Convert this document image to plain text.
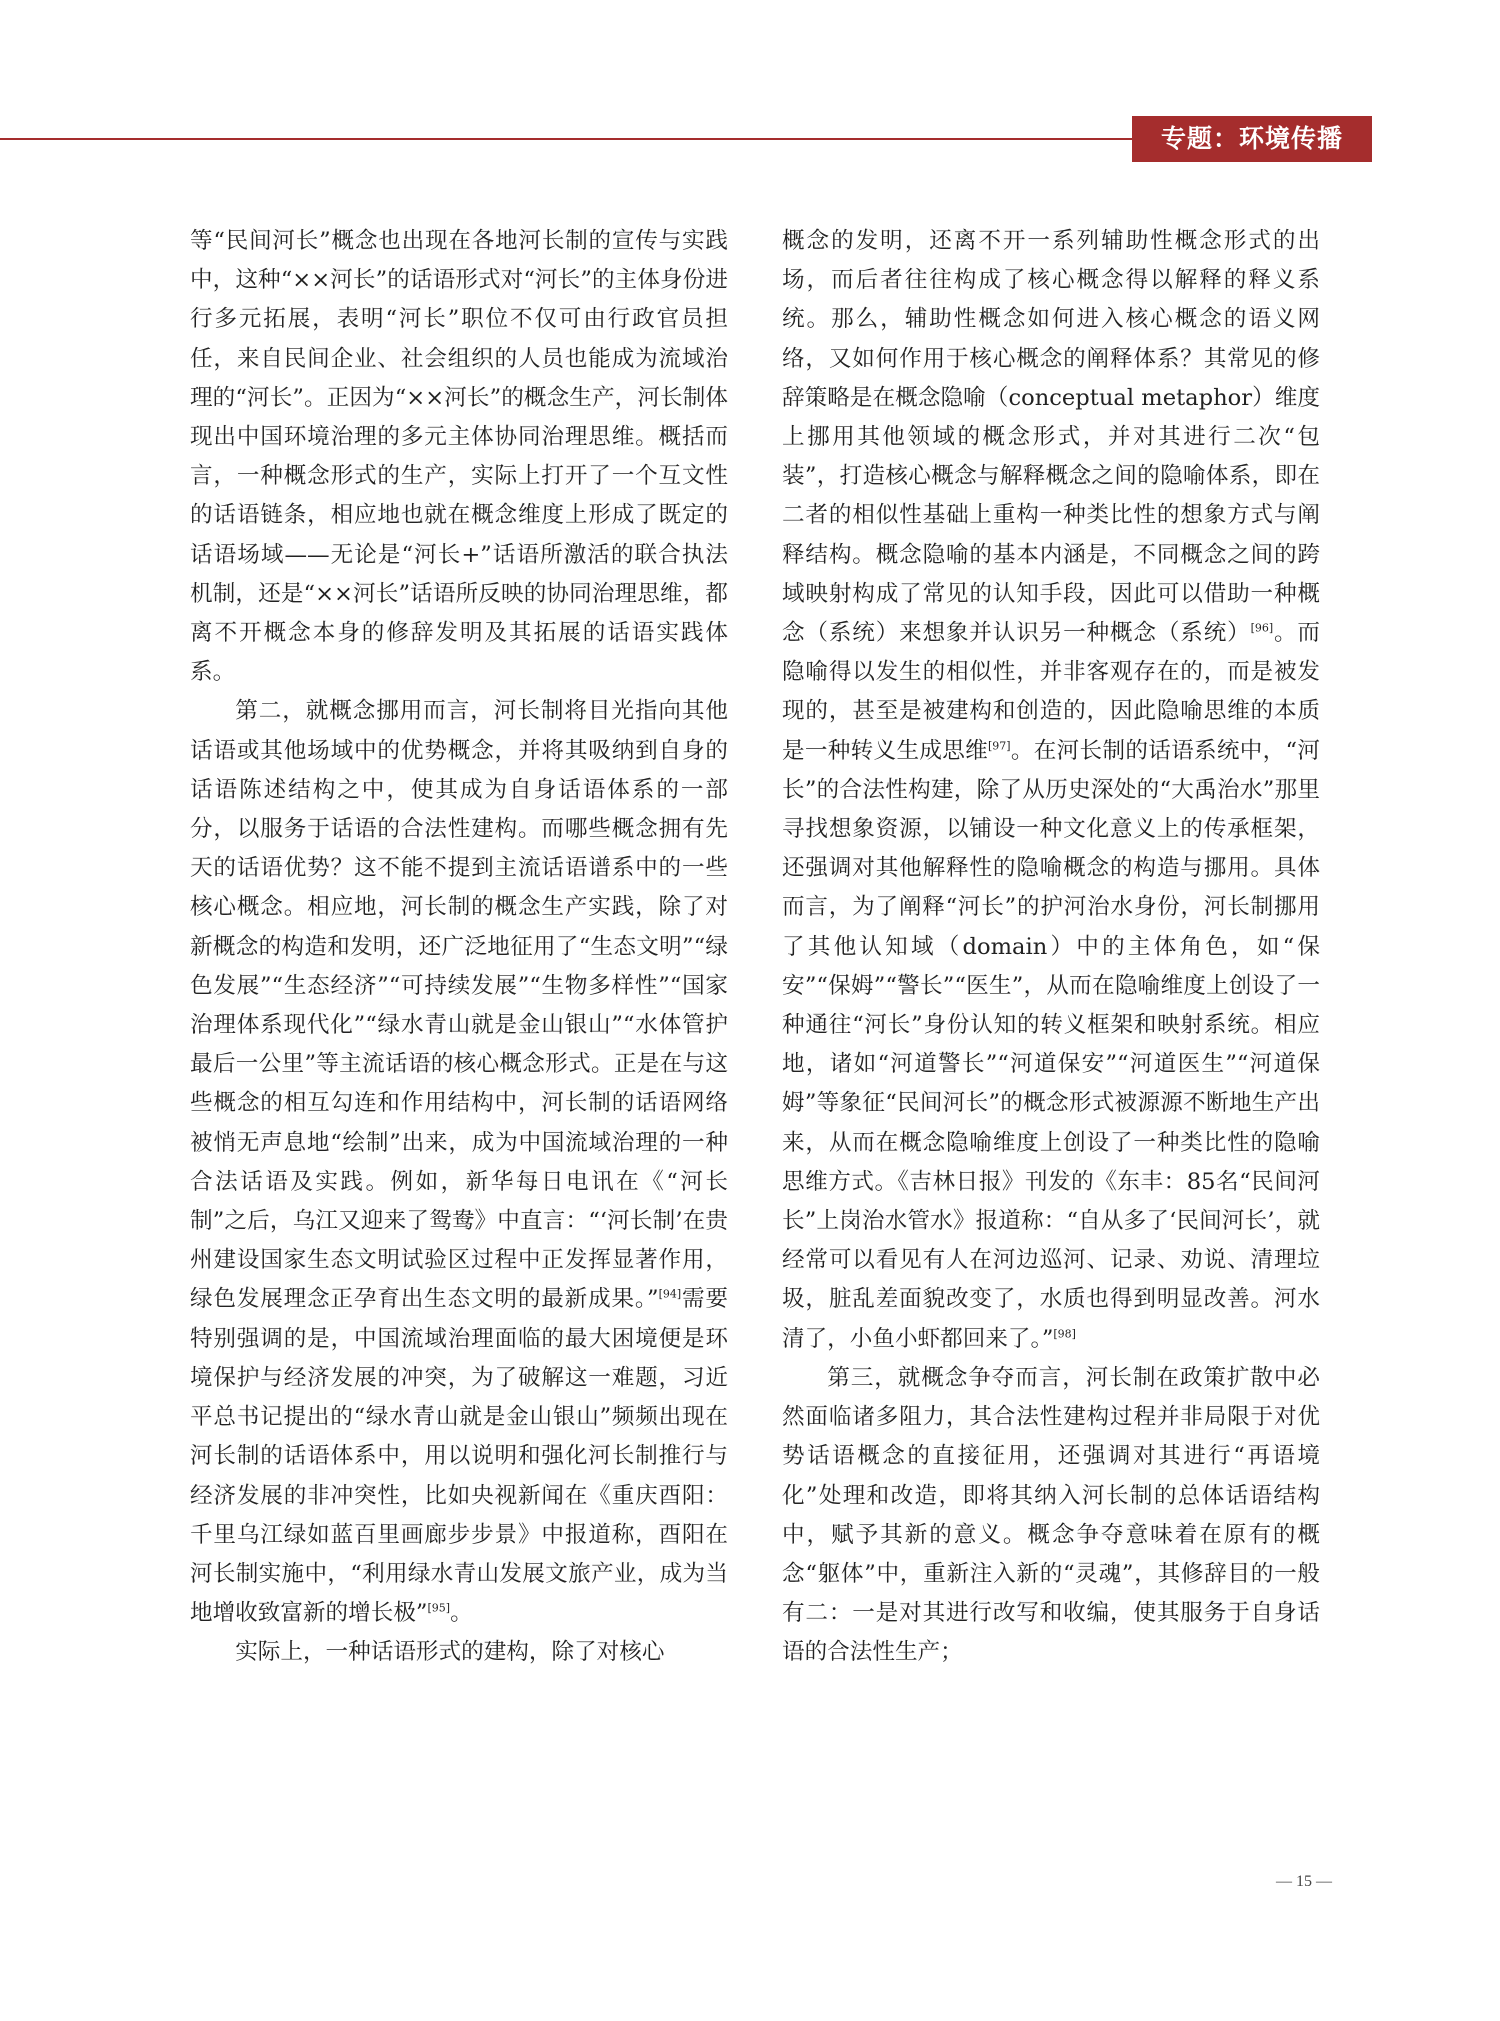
专题：环境传播

等“民间河长”概念也出现在各地河长制的宣传与实践中，这种“××河长”的话语形式对“河长”的主体身份进行多元拓展，表明“河长”职位不仅可由行政官员担任，来自民间企业、社会组织的人员也能成为流域治理的“河长”。正因为“××河长”的概念生产，河长制体现出中国环境治理的多元主体协同治理思维。概括而言，一种概念形式的生产，实际上打开了一个互文性的话语链条，相应地也就在概念维度上形成了既定的话语场域——无论是“河长+”话语所激活的联合执法机制，还是“××河长”话语所反映的协同治理思维，都离不开概念本身的修辞发明及其拓展的话语实践体系。

第二，就概念挪用而言，河长制将目光指向其他话语或其他场域中的优势概念，并将其吸纳到自身的话语陈述结构之中，使其成为自身话语体系的一部分，以服务于话语的合法性建构。而哪些概念拥有先天的话语优势？这不能不提到主流话语谱系中的一些核心概念。相应地，河长制的概念生产实践，除了对新概念的构造和发明，还广泛地征用了“生态文明”“绿色发展”“生态经济”“可持续发展”“生物多样性”“国家治理体系现代化”“绿水青山就是金山银山”“水体管护最后一公里”等主流话语的核心概念形式。正是在与这些概念的相互勾连和作用结构中，河长制的话语网络被悄无声息地“绘制”出来，成为中国流域治理的一种合法话语及实践。例如，新华每日电讯在《“河长制”之后，乌江又迎来了鸳鸯》中直言：“‘河长制’在贵州建设国家生态文明试验区过程中正发挥显著作用，绿色发展理念正孕育出生态文明的最新成果。”[94]需要特别强调的是，中国流域治理面临的最大困境便是环境保护与经济发展的冲突，为了破解这一难题，习近平总书记提出的“绿水青山就是金山银山”频频出现在河长制的话语体系中，用以说明和强化河长制推行与经济发展的非冲突性，比如央视新闻在《重庆酉阳：千里乌江绿如蓝百里画廊步步景》中报道称，酉阳在河长制实施中，“利用绿水青山发展文旅产业，成为当地增收致富新的增长极”[95]。

实际上，一种话语形式的建构，除了对核心

概念的发明，还离不开一系列辅助性概念形式的出场，而后者往往构成了核心概念得以解释的释义系统。那么，辅助性概念如何进入核心概念的语义网络，又如何作用于核心概念的阐释体系？其常见的修辞策略是在概念隐喻（conceptual metaphor）维度上挪用其他领域的概念形式，并对其进行二次“包装”，打造核心概念与解释概念之间的隐喻体系，即在二者的相似性基础上重构一种类比性的想象方式与阐释结构。概念隐喻的基本内涵是，不同概念之间的跨域映射构成了常见的认知手段，因此可以借助一种概念（系统）来想象并认识另一种概念（系统）[96]。而隐喻得以发生的相似性，并非客观存在的，而是被发现的，甚至是被建构和创造的，因此隐喻思维的本质是一种转义生成思维[97]。在河长制的话语系统中，“河长”的合法性构建，除了从历史深处的“大禹治水”那里寻找想象资源，以铺设一种文化意义上的传承框架，还强调对其他解释性的隐喻概念的构造与挪用。具体而言，为了阐释“河长”的护河治水身份，河长制挪用了其他认知域（domain）中的主体角色，如“保安”“保姆”“警长”“医生”，从而在隐喻维度上创设了一种通往“河长”身份认知的转义框架和映射系统。相应地，诸如“河道警长”“河道保安”“河道医生”“河道保姆”等象征“民间河长”的概念形式被源源不断地生产出来，从而在概念隐喻维度上创设了一种类比性的隐喻思维方式。《吉林日报》刊发的《东丰：85名“民间河长”上岗治水管水》报道称：“自从多了‘民间河长’，就经常可以看见有人在河边巡河、记录、劝说、清理垃圾，脏乱差面貌改变了，水质也得到明显改善。河水清了，小鱼小虾都回来了。”[98]

第三，就概念争夺而言，河长制在政策扩散中必然面临诸多阻力，其合法性建构过程并非局限于对优势话语概念的直接征用，还强调对其进行“再语境化”处理和改造，即将其纳入河长制的总体话语结构中，赋予其新的意义。概念争夺意味着在原有的概念“躯体”中，重新注入新的“灵魂”，其修辞目的一般有二：一是对其进行改写和收编，使其服务于自身话语的合法性生产；

— 15 —
